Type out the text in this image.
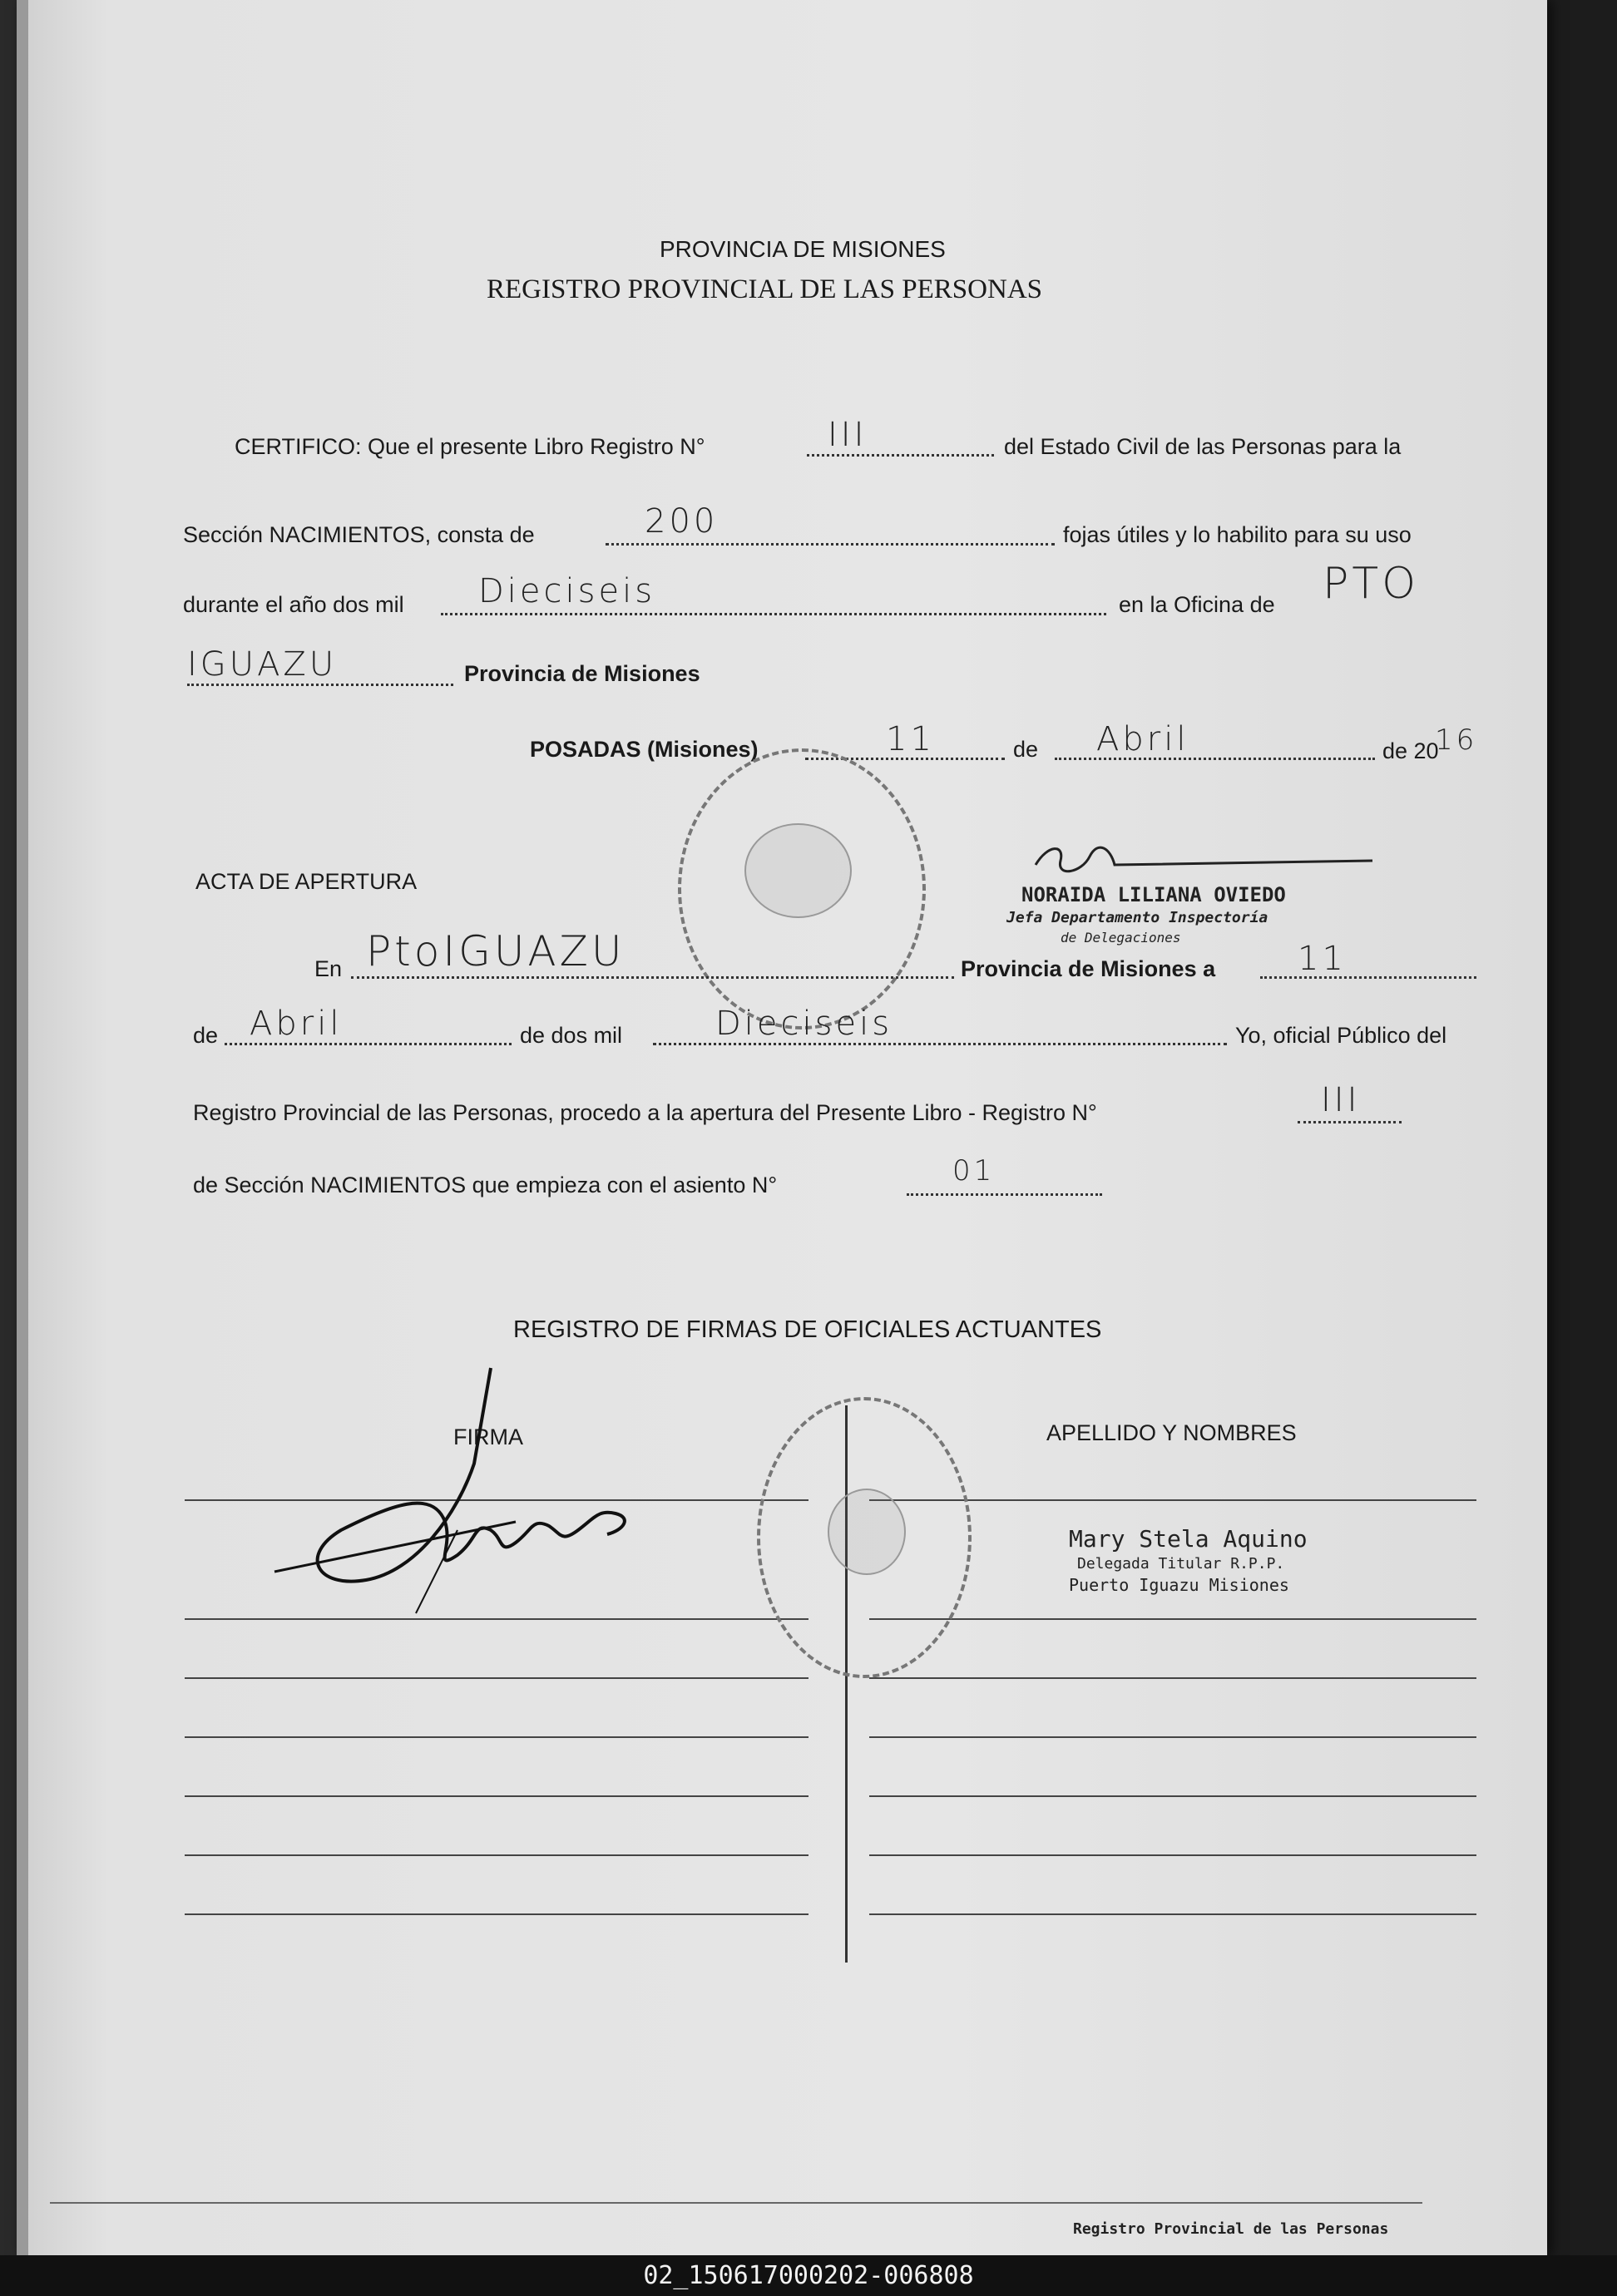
PROVINCIA DE MISIONES
REGISTRO PROVINCIAL DE LAS PERSONAS
CERTIFICO: Que el presente Libro Registro N°	III	del Estado Civil de las Personas para la
Sección NACIMIENTOS, consta de	200	fojas útiles y lo habilito para su uso
durante el año dos mil Dieciseis	en la Oficina de PTO
IGUAZU	Provincia de Misiones
POSADAS (Misiones)	11	de Abril	de 20
16
ACTA DE APERTURA
NORAIDA LILIANA OVIEDO
Jefa Departamento Inspectoría
de Delegaciones
En PtoIGUAZU	Provincia de Misiones a 11
de Abril	de dos mil	Dieciseis	Yo, oficial Público del
Registro Provincial de las Personas, procedo a la apertura del Presente Libro - Registro N°	III
de Sección NACIMIENTOS que empieza con el asiento N°	01
REGISTRO DE FIRMAS DE OFICIALES ACTUANTES
FIRMA	APELLIDO Y NOMBRES
Mary Stela Aquino
Delegada Titular R.P.P.
Puerto Iguazu Misiones
Registro Provincial de las Personas
02_150617000202-006808
